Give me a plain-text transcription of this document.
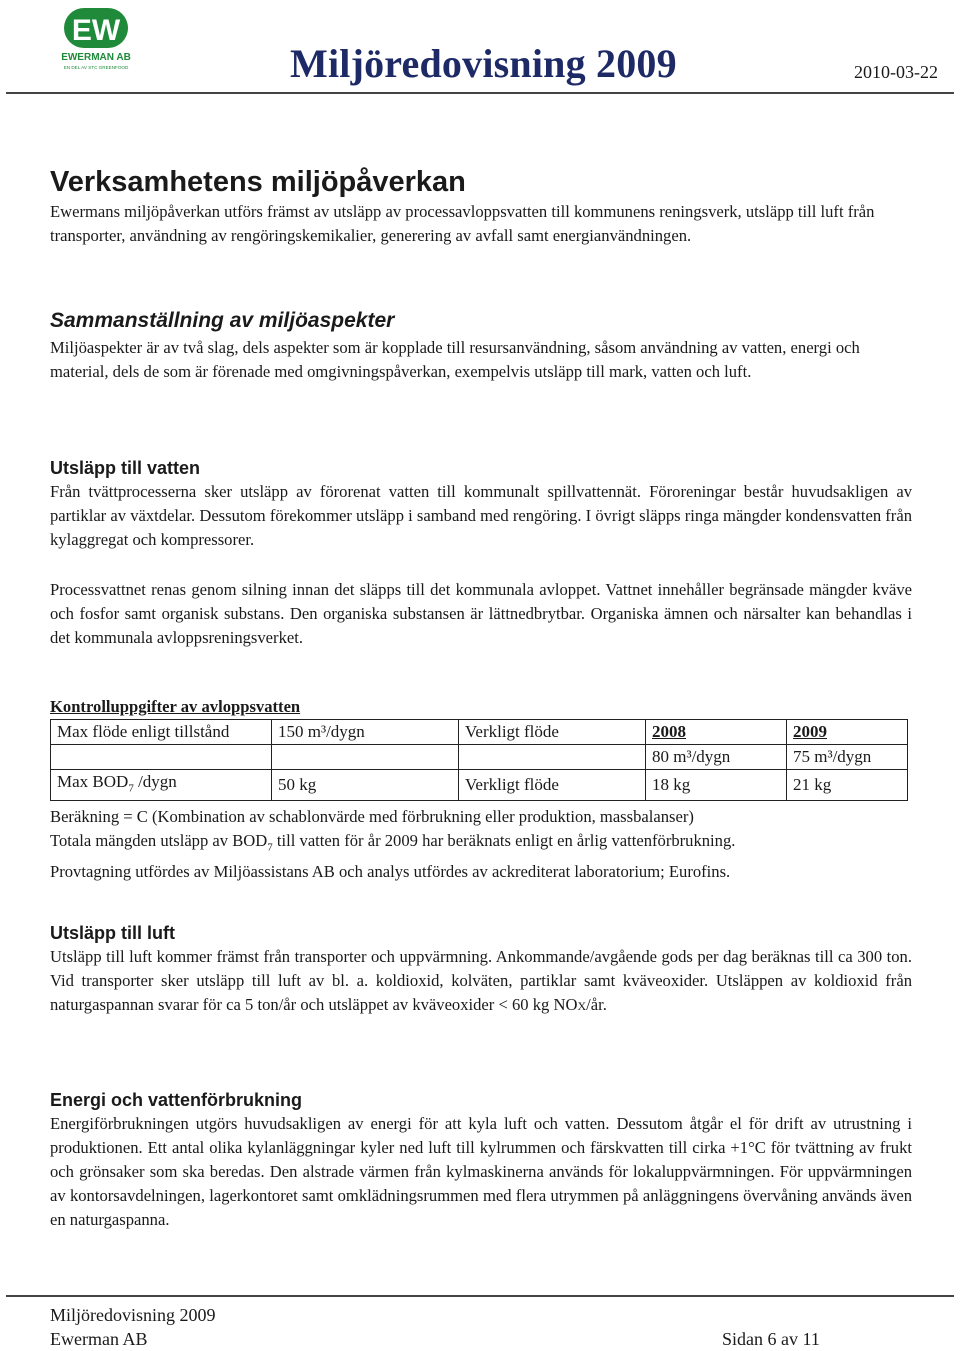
EW
EWERMAN AB
EN DEL AV STC GREENFOOD	Miljöredovisning 2009	2010-03-22
Verksamhetens miljöpåverkan

Ewermans miljöpåverkan utförs främst av utsläpp av processavloppsvatten till kommunens reningsverk, utsläpp till luft från transporter, användning av rengöringskemikalier, generering av avfall samt energianvändningen.

Sammanställning av miljöaspekter

Miljöaspekter är av två slag, dels aspekter som är kopplade till resursanvändning, såsom användning av vatten, energi och material, dels de som är förenade med omgivningspåverkan, exempelvis utsläpp till mark, vatten och luft.

Utsläpp till vatten

Från tvättprocesserna sker utsläpp av förorenat vatten till kommunalt spillvattennät. Föroreningar består huvudsakligen av partiklar av växtdelar. Dessutom förekommer utsläpp i samband med rengöring. I övrigt släpps ringa mängder kondensvatten från kylaggregat och kompressorer.

Processvattnet renas genom silning innan det släpps till det kommunala avloppet. Vattnet innehåller begränsade mängder kväve och fosfor samt organisk substans. Den organiska substansen är lättnedbrytbar. Organiska ämnen och närsalter kan behandlas i det kommunala avloppsreningsverket.

Kontrolluppgifter av avloppsvatten
Max flöde enligt tillstånd	150 m³/dygn	Verkligt flöde	2008	2009
			80 m³/dygn	75 m³/dygn
Max $BOD_7$ /dygn	50 kg	Verkligt flöde	18 kg	21 kg

Beräkning = C (Kombination av schablonvärde med förbrukning eller produktion, massbalanser)

Totala mängden utsläpp av $BOD_7$ till vatten för år 2009 har beräknats enligt en årlig vattenförbrukning.

Provtagning utfördes av Miljöassistans AB och analys utfördes av ackrediterat laboratorium; Eurofins.

Utsläpp till luft

Utsläpp till luft kommer främst från transporter och uppvärmning. Ankommande/avgående gods per dag beräknas till ca 300 ton. Vid transporter sker utsläpp till luft av bl. a. koldioxid, kolväten, partiklar samt kväveoxider. Utsläppen av koldioxid från naturgaspannan svarar för ca 5 ton/år och utsläppet av kväveoxider < 60 kg NOX/år.

Energi och vattenförbrukning

Energiförbrukningen utgörs huvudsakligen av energi för att kyla luft och vatten. Dessutom åtgår el för drift av utrustning i produktionen. Ett antal olika kylanläggningar kyler ned luft till kylrummen och färskvatten till cirka +1°C för tvättning av frukt och grönsaker som ska beredas. Den alstrade värmen från kylmaskinerna används för lokaluppvärmningen. För uppvärmningen av kontorsavdelningen, lagerkontoret samt omklädningsrummen med flera utrymmen på anläggningens övervåning används även en naturgaspanna.

Miljöredovisning 2009
Ewerman AB	Sidan 6 av 11
